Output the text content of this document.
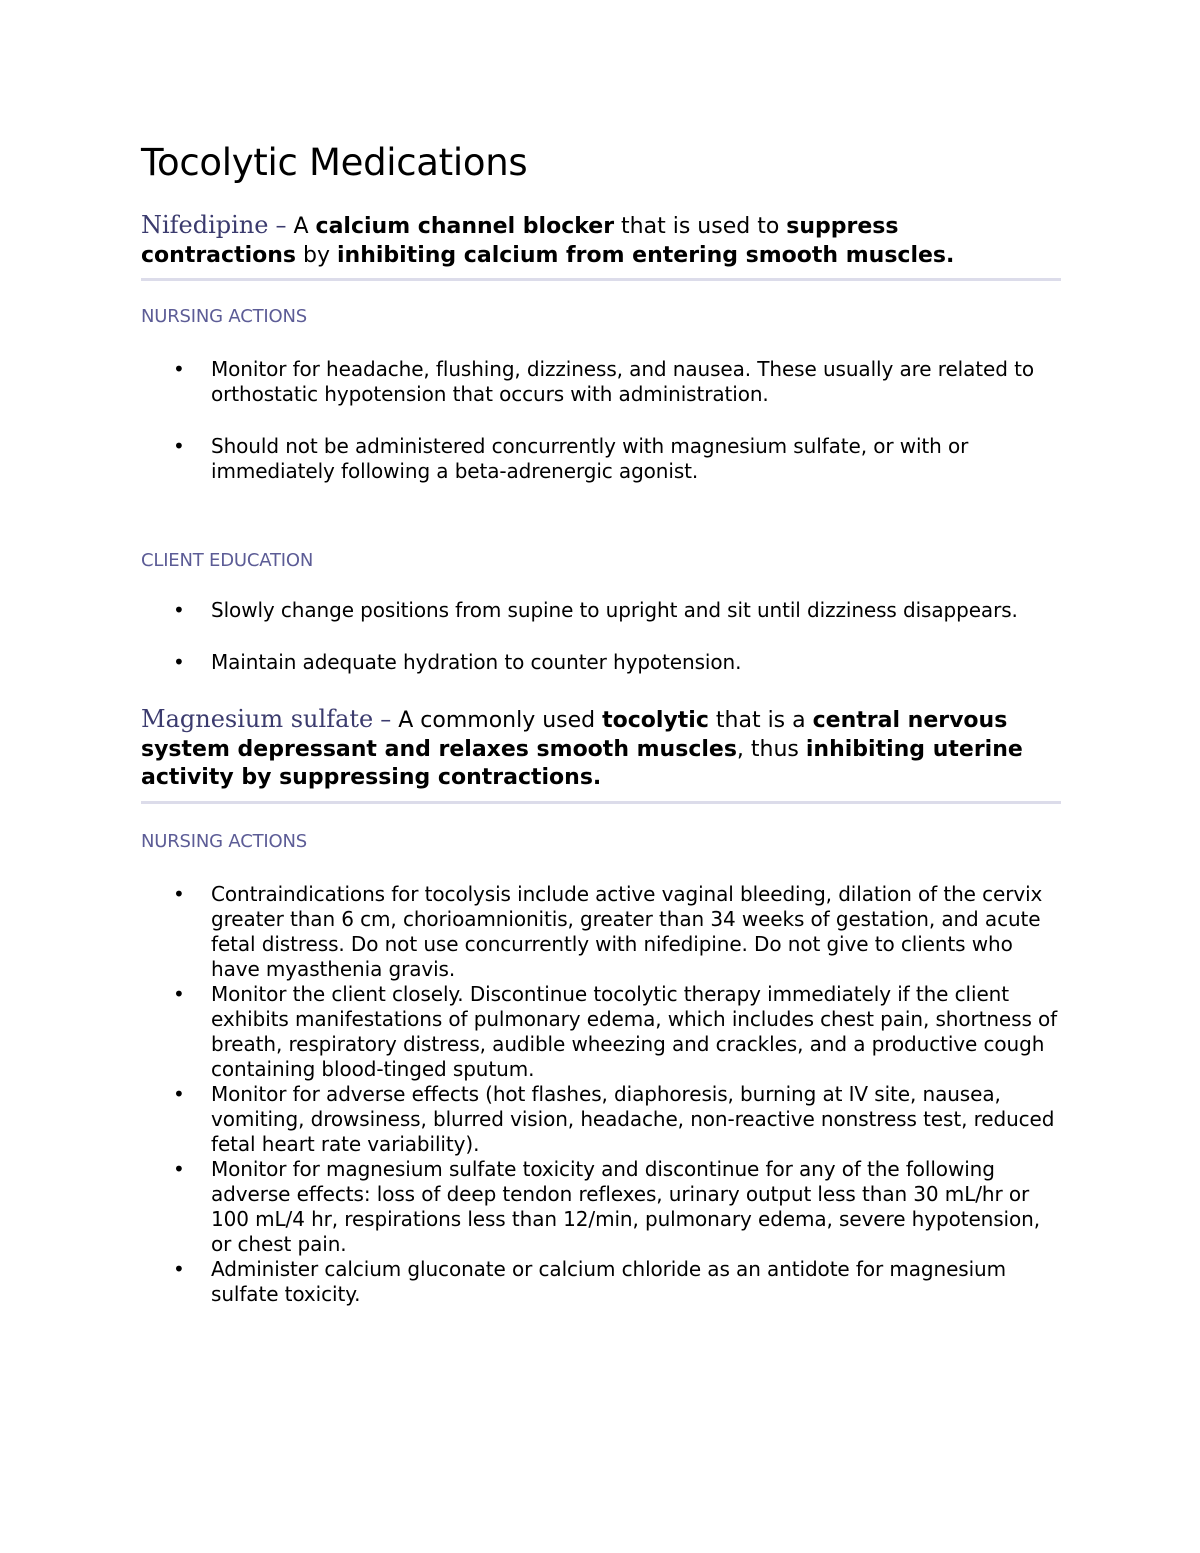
Tocolytic Medications

Nifedipine – A calcium channel blocker that is used to suppress contractions by inhibiting calcium from entering smooth muscles.

NURSING ACTIONS

• Monitor for headache, flushing, dizziness, and nausea. These usually are related to orthostatic hypotension that occurs with administration.
• Should not be administered concurrently with magnesium sulfate, or with or immediately following a beta-adrenergic agonist.

CLIENT EDUCATION

• Slowly change positions from supine to upright and sit until dizziness disappears.
• Maintain adequate hydration to counter hypotension.

Magnesium sulfate – A commonly used tocolytic that is a central nervous system depressant and relaxes smooth muscles, thus inhibiting uterine activity by suppressing contractions.

NURSING ACTIONS

• Contraindications for tocolysis include active vaginal bleeding, dilation of the cervix greater than 6 cm, chorioamnionitis, greater than 34 weeks of gestation, and acute fetal distress. Do not use concurrently with nifedipine. Do not give to clients who have myasthenia gravis.
• Monitor the client closely. Discontinue tocolytic therapy immediately if the client exhibits manifestations of pulmonary edema, which includes chest pain, shortness of breath, respiratory distress, audible wheezing and crackles, and a productive cough containing blood-tinged sputum.
• Monitor for adverse effects (hot flashes, diaphoresis, burning at IV site, nausea, vomiting, drowsiness, blurred vision, headache, non-reactive nonstress test, reduced fetal heart rate variability).
• Monitor for magnesium sulfate toxicity and discontinue for any of the following adverse effects: loss of deep tendon reflexes, urinary output less than 30 mL/hr or 100 mL/4 hr, respirations less than 12/min, pulmonary edema, severe hypotension, or chest pain.
• Administer calcium gluconate or calcium chloride as an antidote for magnesium sulfate toxicity.
